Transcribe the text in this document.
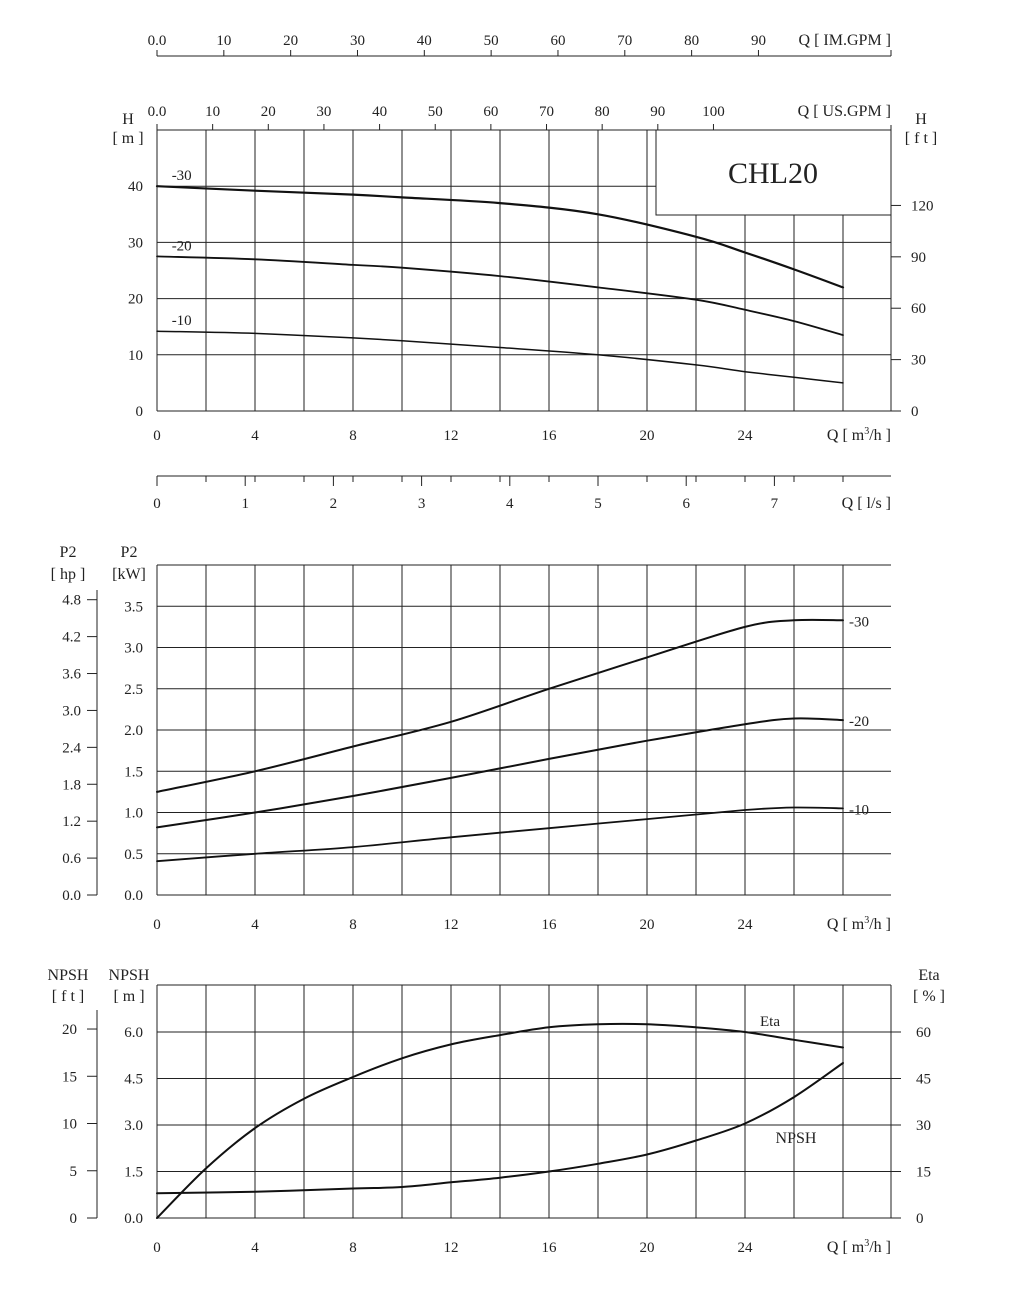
0.0	10	20	30	40	50	60	70	80	90 Q [ IM.GPM ]
0.0	10	20	30	40	50	60	70	80	90 100	Q [ US.GPM ]
0
10
20
30
40
H
[ m ]
0
30
60
90
120
H
[ f t ]
CHL20
-30
-20
-10
0	4	8	12	16	20	24	Q [ $m^3/h$ ]
0	1	2	3	4	5	6	7	Q [ l/s ]
0.0
0.5
1.0
1.5
2.0
2.5
3.0
3.5
P2
[kW]
0.0
0.6
1.2
1.8
2.4
3.0
3.6
4.2
4.8
P2
[ hp ]
-30
-20
-10
0	4	8	12	16	20	24	Q [ $m^3/h$ ]
0.0
1.5
3.0
4.5
6.0
NPSH
[ m ]
0
5
10
15
20
NPSH
[ f t ]
0
15
30
45
60
Eta
[ % ]
Eta
NPSH
0	4	8	12	16	20	24	Q [ $m^3/h$ ]
